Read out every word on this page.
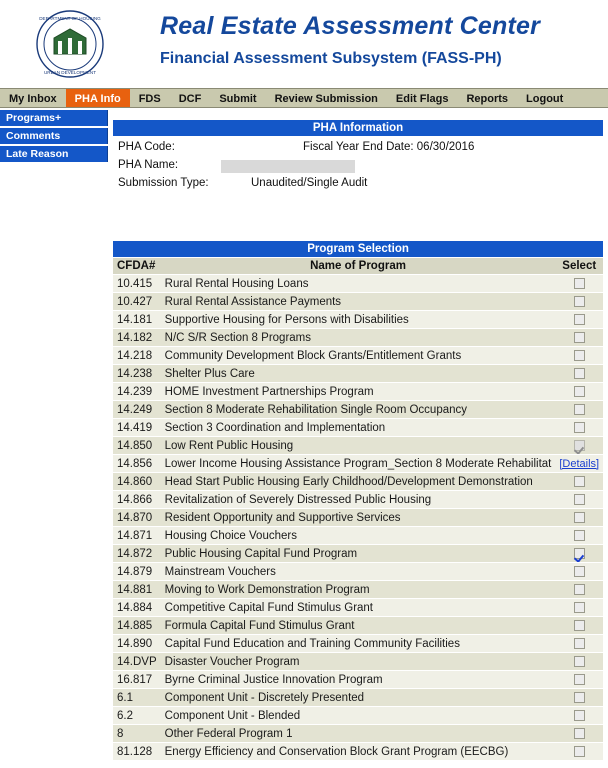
DEPARTMENT OF HOUSING
URBAN DEVELOPMENT
Real Estate Assessment Center
Financial Assessment Subsystem (FASS-PH)
My Inbox	PHA Info	FDS	DCF	Submit	Review Submission	Edit Flags	Reports	Logout
Programs+
Comments
Late Reason
PHA Information
PHA Code:	Fiscal Year End Date: 06/30/2016
PHA Name:
Submission Type:	Unaudited/Single Audit
Program Selection
CFDA#	Name of Program	Select
10.415	Rural Rental Housing Loans	
10.427	Rural Rental Assistance Payments	
14.181	Supportive Housing for Persons with Disabilities	
14.182	N/C S/R Section 8 Programs	
14.218	Community Development Block Grants/Entitlement Grants	
14.238	Shelter Plus Care	
14.239	HOME Investment Partnerships Program	
14.249	Section 8 Moderate Rehabilitation Single Room Occupancy	
14.419	Section 3 Coordination and Implementation	
14.850	Low Rent Public Housing	
14.856	Lower Income Housing Assistance Program_Section 8 Moderate Rehabilitat	[Details]
14.860	Head Start Public Housing Early Childhood/Development Demonstration	
14.866	Revitalization of Severely Distressed Public Housing	
14.870	Resident Opportunity and Supportive Services	
14.871	Housing Choice Vouchers	
14.872	Public Housing Capital Fund Program	
14.879	Mainstream Vouchers	
14.881	Moving to Work Demonstration Program	
14.884	Competitive Capital Fund Stimulus Grant	
14.885	Formula Capital Fund Stimulus Grant	
14.890	Capital Fund Education and Training Community Facilities	
14.DVP	Disaster Voucher Program	
16.817	Byrne Criminal Justice Innovation Program	
6.1	Component Unit - Discretely Presented	
6.2	Component Unit - Blended	
8	Other Federal Program 1	
81.128	Energy Efficiency and Conservation Block Grant Program (EECBG)	
